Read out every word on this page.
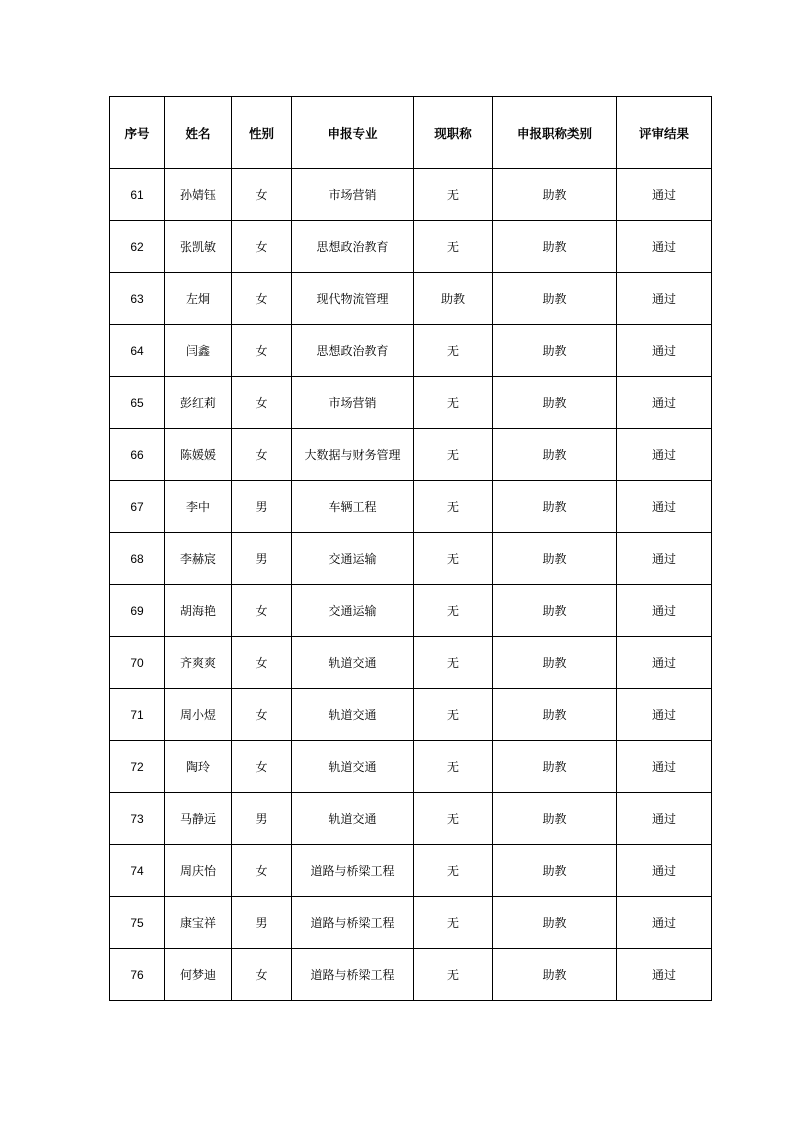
序号	姓名	性别	申报专业	现职称	申报职称类别	评审结果
61	孙婧钰	女	市场营销	无	助教	通过
62	张凯敏	女	思想政治教育	无	助教	通过
63	左炯	女	现代物流管理	助教	助教	通过
64	闫鑫	女	思想政治教育	无	助教	通过
65	彭红莉	女	市场营销	无	助教	通过
66	陈媛媛	女	大数据与财务管理	无	助教	通过
67	李中	男	车辆工程	无	助教	通过
68	李赫宸	男	交通运输	无	助教	通过
69	胡海艳	女	交通运输	无	助教	通过
70	齐爽爽	女	轨道交通	无	助教	通过
71	周小煜	女	轨道交通	无	助教	通过
72	陶玲	女	轨道交通	无	助教	通过
73	马静远	男	轨道交通	无	助教	通过
74	周庆怡	女	道路与桥梁工程	无	助教	通过
75	康宝祥	男	道路与桥梁工程	无	助教	通过
76	何梦迪	女	道路与桥梁工程	无	助教	通过
